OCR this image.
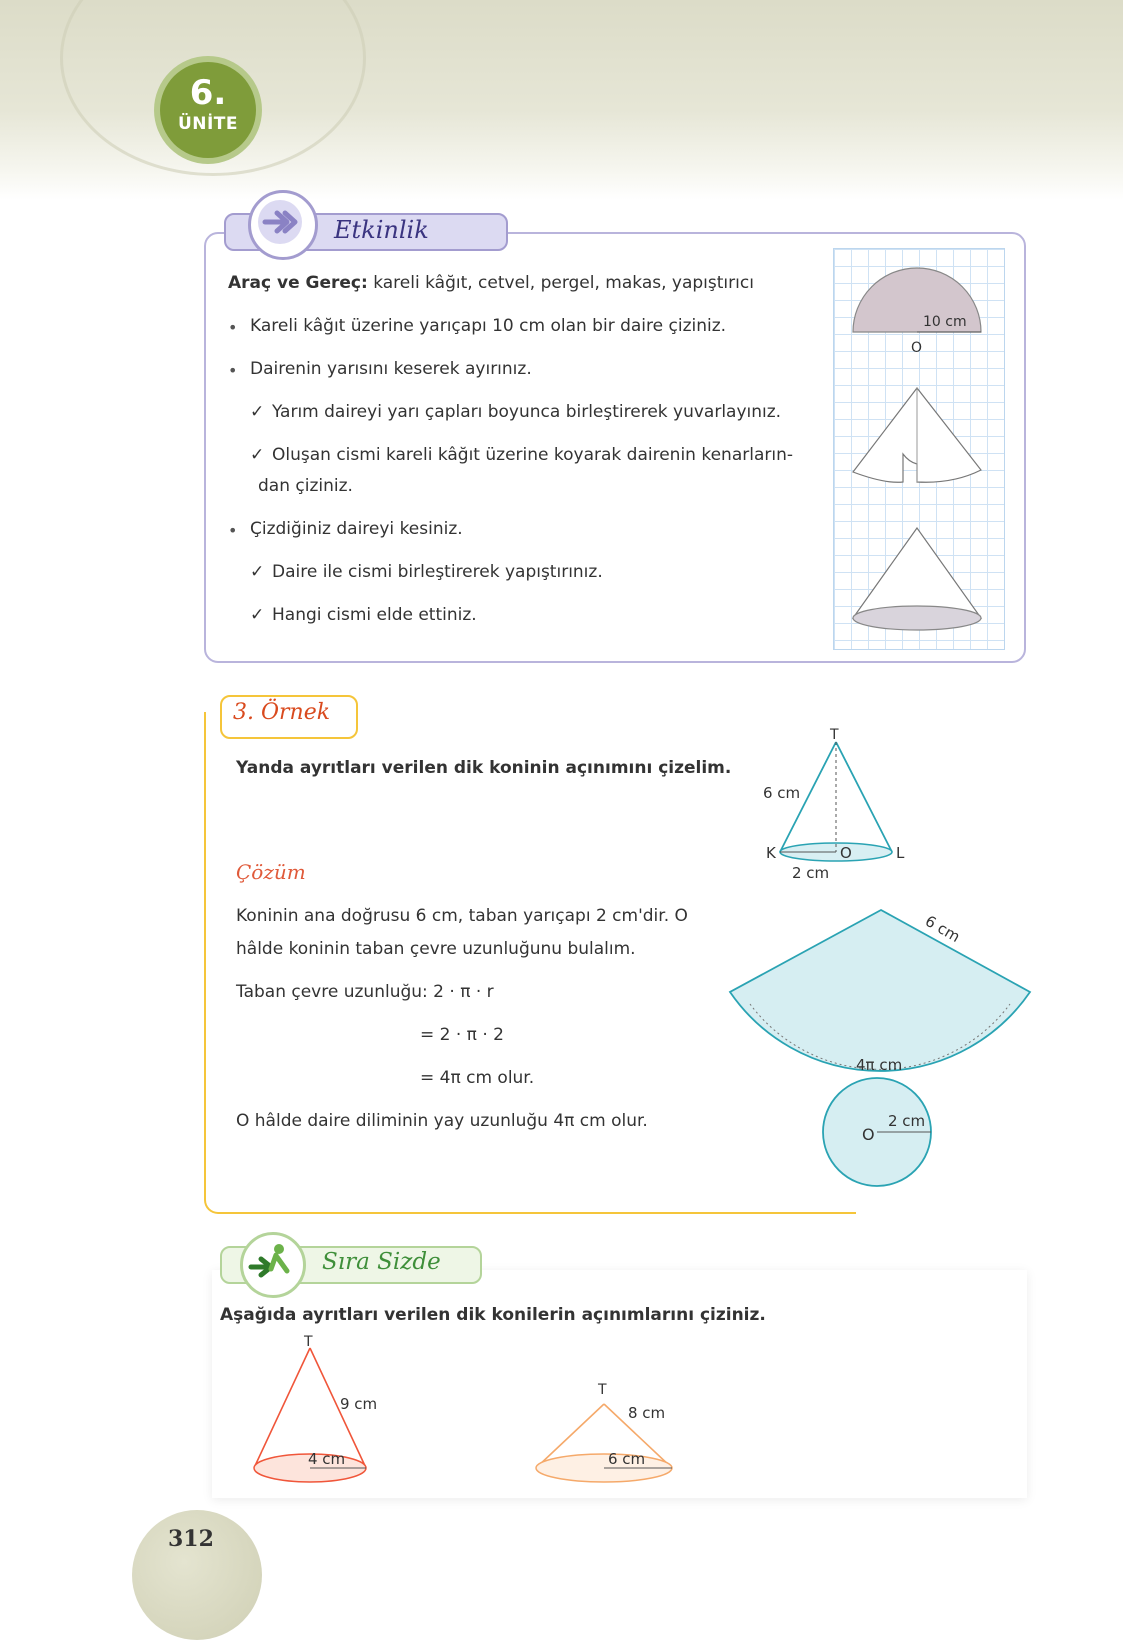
6.
ÜNİTE
Etkinlik
Araç ve Gereç: kareli kâğıt, cetvel, pergel, makas, yapıştırıcı
• Kareli kâğıt üzerine yarıçapı 10 cm olan bir daire çiziniz.
• Dairenin yarısını keserek ayırınız.
✓ Yarım daireyi yarı çapları boyunca birleştirerek yuvarlayınız.
✓ Oluşan cismi kareli kâğıt üzerine koyarak dairenin kenarların-
dan çiziniz.
• Çizdiğiniz daireyi kesiniz.
✓ Daire ile cismi birleştirerek yapıştırınız.
✓ Hangi cismi elde ettiniz.
10 cm
O
3. Örnek
Yanda ayrıtları verilen dik koninin açınımını çizelim.
Çözüm
Koninin ana doğrusu 6 cm, taban yarıçapı 2 cm'dir. O
hâlde koninin taban çevre uzunluğunu bulalım.
Taban çevre uzunluğu: 2 · π · r
= 2 · π · 2
= 4π cm olur.
O hâlde daire diliminin yay uzunluğu 4π cm olur.
T
6 cm
K	O	L
2 cm
6 cm
4π cm
O
2 cm
Sıra Sizde
Aşağıda ayrıtları verilen dik konilerin açınımlarını çiziniz.
T
9 cm
4 cm
T
8 cm
6 cm
312
